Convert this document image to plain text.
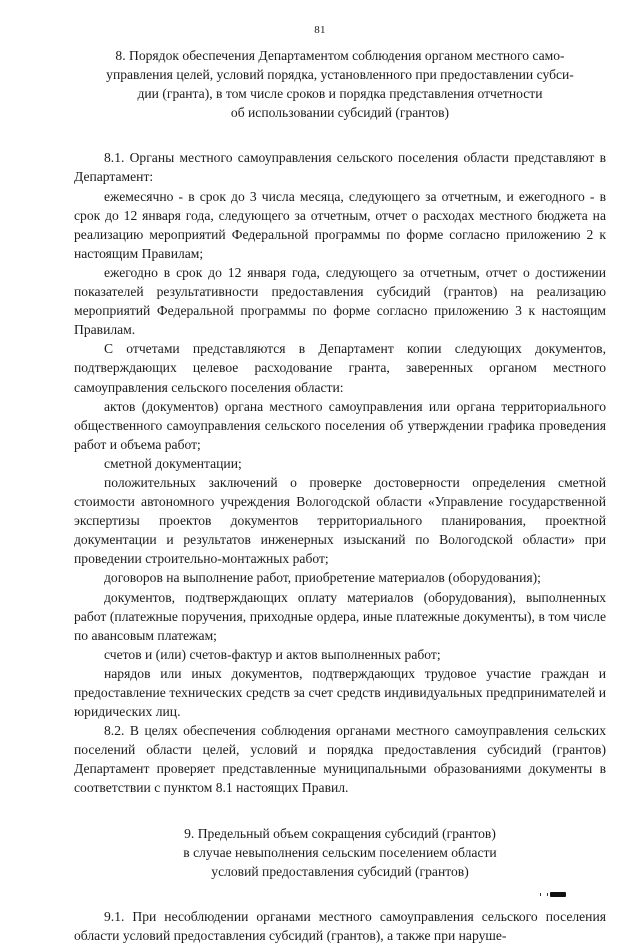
81
8. Порядок обеспечения Департаментом соблюдения органом местного само-
управления целей, условий порядка, установленного при предоставлении субси-
дии (гранта), в том числе сроков и порядка представления отчетности
об использовании субсидий (грантов)

8.1. Органы местного самоуправления сельского поселения области представляют в Департамент:

ежемесячно - в срок до 3 числа месяца, следующего за отчетным, и ежегодного - в срок до 12 января года, следующего за отчетным, отчет о расходах местного бюджета на реализацию мероприятий Федеральной программы по форме согласно приложению 2 к настоящим Правилам;

ежегодно в срок до 12 января года, следующего за отчетным, отчет о достижении показателей результативности предоставления субсидий (грантов) на реализацию мероприятий Федеральной программы по форме согласно приложению 3 к настоящим Правилам.

С отчетами представляются в Департамент копии следующих документов, подтверждающих целевое расходование гранта, заверенных органом местного самоуправления сельского поселения области:

актов (документов) органа местного самоуправления или органа территориального общественного самоуправления сельского поселения об утверждении графика проведения работ и объема работ;

сметной документации;

положительных заключений о проверке достоверности определения сметной стоимости автономного учреждения Вологодской области «Управление государственной экспертизы проектов документов территориального планирования, проектной документации и результатов инженерных изысканий по Вологодской области» при проведении строительно-монтажных работ;

договоров на выполнение работ, приобретение материалов (оборудования);

документов, подтверждающих оплату материалов (оборудования), выполненных работ (платежные поручения, приходные ордера, иные платежные документы), в том числе по авансовым платежам;

счетов и (или) счетов-фактур и актов выполненных работ;

нарядов или иных документов, подтверждающих трудовое участие граждан и предоставление технических средств за счет средств индивидуальных предпринимателей и юридических лиц.

8.2. В целях обеспечения соблюдения органами местного самоуправления сельских поселений области целей, условий и порядка предоставления субсидий (грантов) Департамент проверяет представленные муниципальными образованиями документы в соответствии с пунктом 8.1 настоящих Правил.

9. Предельный объем сокращения субсидий (грантов)
в случае невыполнения сельским поселением области
условий предоставления субсидий (грантов)

9.1. При несоблюдении органами местного самоуправления сельского поселения области условий предоставления субсидий (грантов), а также при наруше-
